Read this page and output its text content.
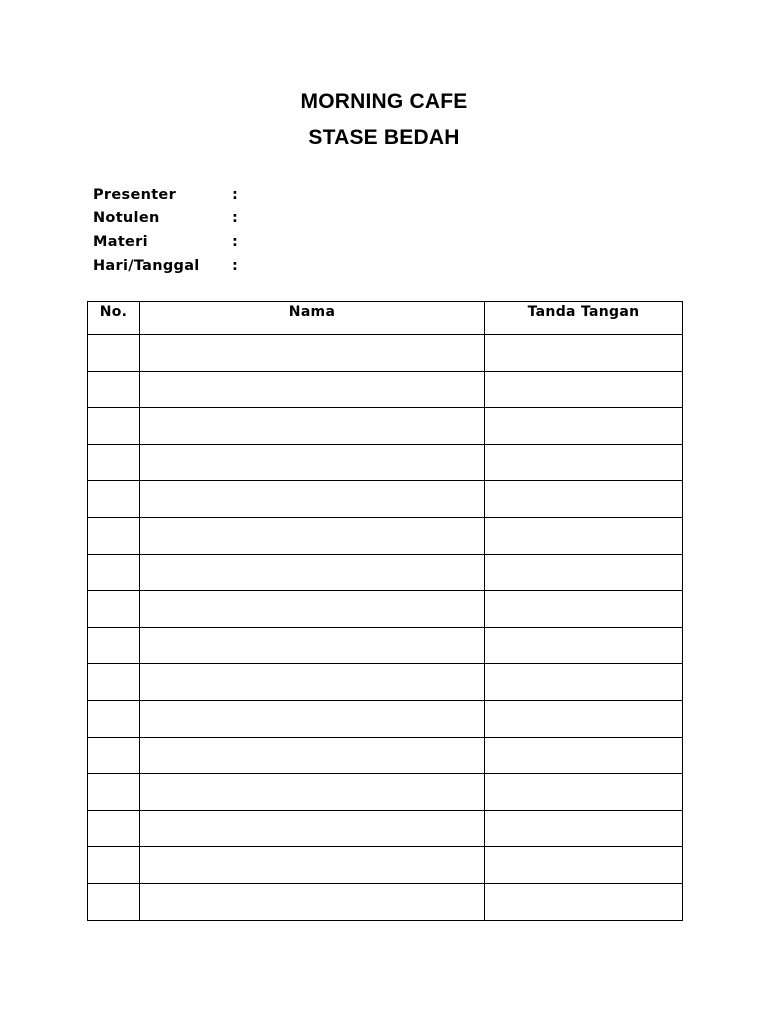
MORNING CAFE
STASE BEDAH
Presenter	:
Notulen	:
Materi	:
Hari/Tanggal	:
No.	Nama	Tanda Tangan
